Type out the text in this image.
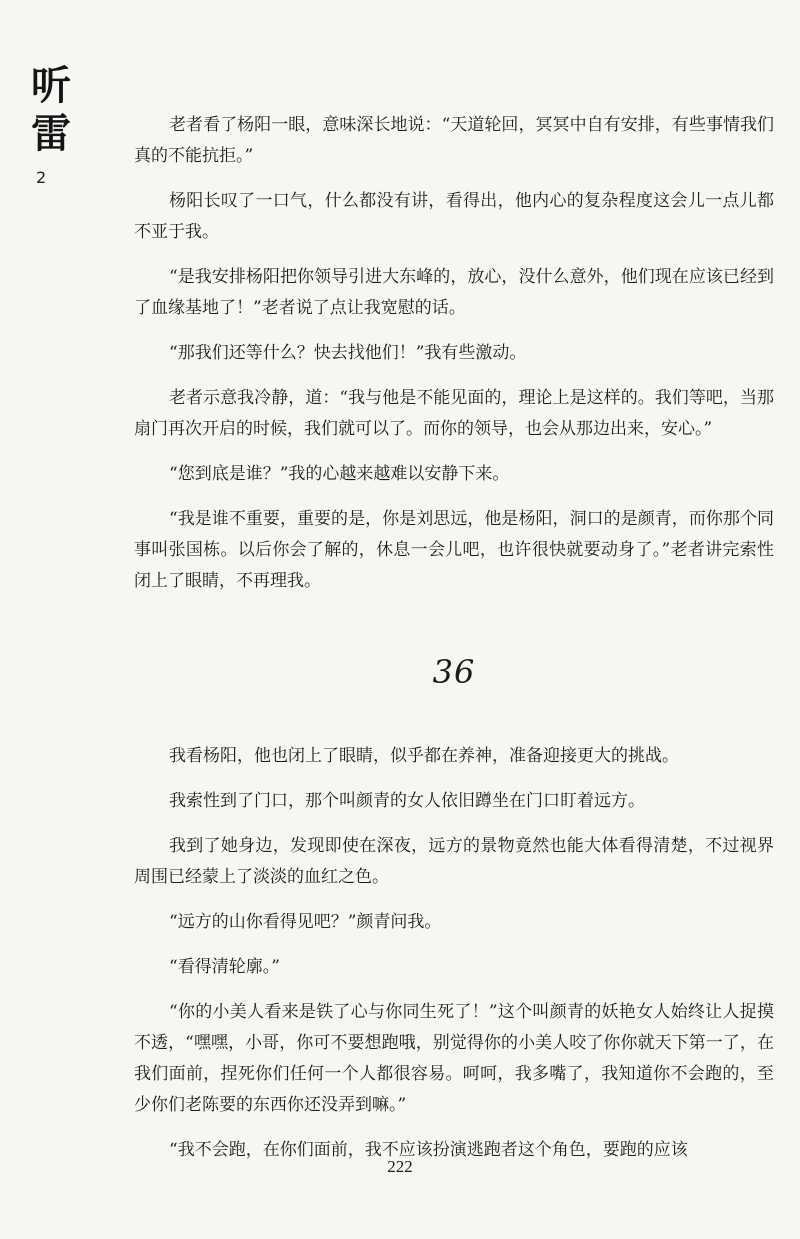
听
雷
2

老者看了杨阳一眼，意味深长地说：“天道轮回，冥冥中自有安排，有些事情我们真的不能抗拒。”

杨阳长叹了一口气，什么都没有讲，看得出，他内心的复杂程度这会儿一点儿都不亚于我。

“是我安排杨阳把你领导引进大东峰的，放心，没什么意外，他们现在应该已经到了血缘基地了！”老者说了点让我宽慰的话。

“那我们还等什么？快去找他们！”我有些激动。

老者示意我冷静，道：“我与他是不能见面的，理论上是这样的。我们等吧，当那扇门再次开启的时候，我们就可以了。而你的领导，也会从那边出来，安心。”

“您到底是谁？”我的心越来越难以安静下来。

“我是谁不重要，重要的是，你是刘思远，他是杨阳，洞口的是颜青，而你那个同事叫张国栋。以后你会了解的，休息一会儿吧，也许很快就要动身了。”老者讲完索性闭上了眼睛，不再理我。

36

我看杨阳，他也闭上了眼睛，似乎都在养神，准备迎接更大的挑战。

我索性到了门口，那个叫颜青的女人依旧蹲坐在门口盯着远方。

我到了她身边，发现即使在深夜，远方的景物竟然也能大体看得清楚，不过视界周围已经蒙上了淡淡的血红之色。

“远方的山你看得见吧？”颜青问我。

“看得清轮廓。”

“你的小美人看来是铁了心与你同生死了！”这个叫颜青的妖艳女人始终让人捉摸不透，“嘿嘿，小哥，你可不要想跑哦，别觉得你的小美人咬了你你就天下第一了，在我们面前，捏死你们任何一个人都很容易。呵呵，我多嘴了，我知道你不会跑的，至少你们老陈要的东西你还没弄到嘛。”

“我不会跑，在你们面前，我不应该扮演逃跑者这个角色，要跑的应该

222
